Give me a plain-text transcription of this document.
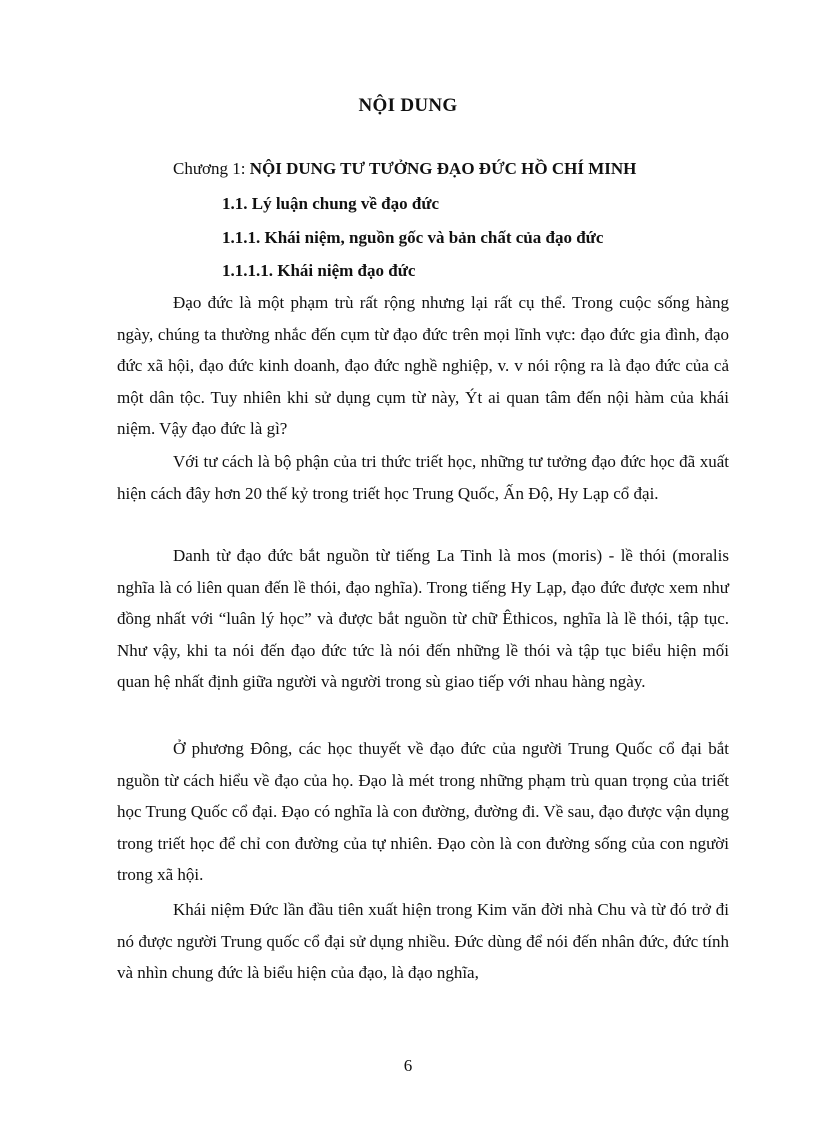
NỘI DUNG
Chương 1: NỘI DUNG TƯ TƯỞNG ĐẠO ĐỨC HỒ CHÍ MINH
1.1. Lý luận chung về đạo đức
1.1.1. Khái niệm, nguồn gốc và bản chất của đạo đức
1.1.1.1. Khái niệm đạo đức

Đạo đức là một phạm trù rất rộng nhưng lại rất cụ thể. Trong cuộc sống hàng ngày, chúng ta thường nhắc đến cụm từ đạo đức trên mọi lĩnh vực: đạo đức gia đình, đạo đức xã hội, đạo đức kinh doanh, đạo đức nghề nghiệp, v. v nói rộng ra là đạo đức của cả một dân tộc. Tuy nhiên khi sử dụng cụm từ này, Ýt ai quan tâm đến nội hàm của khái niệm. Vậy đạo đức là gì?

Với tư cách là bộ phận của tri thức triết học, những tư tưởng đạo đức học đã xuất hiện cách đây hơn 20 thế kỷ trong triết học Trung Quốc, Ấn Độ, Hy Lạp cổ đại.

Danh từ đạo đức bắt nguồn từ tiếng La Tinh là mos (moris) - lề thói (moralis nghĩa là có liên quan đến lề thói, đạo nghĩa). Trong tiếng Hy Lạp, đạo đức được xem như đồng nhất với “luân lý học” và được bắt nguồn từ chữ Êthicos, nghĩa là lề thói, tập tục. Như vậy, khi ta nói đến đạo đức tức là nói đến những lề thói và tập tục biểu hiện mối quan hệ nhất định giữa người và người trong sù giao tiếp với nhau hàng ngày.

Ở phương Đông, các học thuyết về đạo đức của người Trung Quốc cổ đại bắt nguồn từ cách hiểu về đạo của họ. Đạo là mét trong những phạm trù quan trọng của triết học Trung Quốc cổ đại. Đạo có nghĩa là con đường, đường đi. Về sau, đạo được vận dụng trong triết học để chỉ con đường của tự nhiên. Đạo còn là con đường sống của con người trong xã hội.

Khái niệm Đức lần đầu tiên xuất hiện trong Kim văn đời nhà Chu và từ đó trở đi nó được người Trung quốc cổ đại sử dụng nhiều. Đức dùng để nói đến nhân đức, đức tính và nhìn chung đức là biểu hiện của đạo, là đạo nghĩa,

6
